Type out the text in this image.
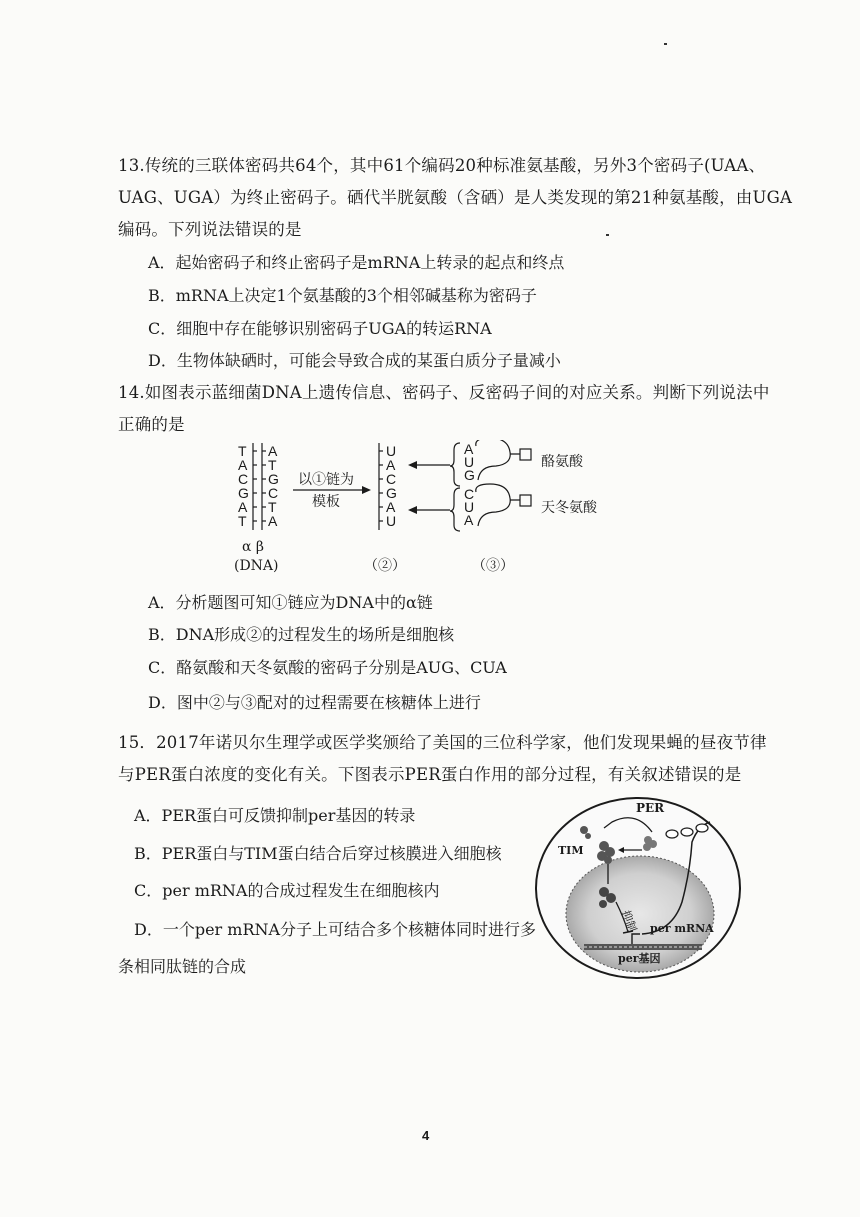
13.传统的三联体密码共64个，其中61个编码20种标准氨基酸，另外3个密码子(UAA、
UAG、UGA）为终止密码子。硒代半胱氨酸（含硒）是人类发现的第21种氨基酸，由UGA
编码。下列说法错误的是
A．起始密码子和终止密码子是mRNA上转录的起点和终点
B．mRNA上决定1个氨基酸的3个相邻碱基称为密码子
C．细胞中存在能够识别密码子UGA的转运RNA
D．生物体缺硒时，可能会导致合成的某蛋白质分子量减小
14.如图表示蓝细菌DNA上遗传信息、密码子、反密码子间的对应关系。判断下列说法中
正确的是
T
A
C
G
A
T
A
T
G
C
T
A
U
A
C
G
A
U
A
U
G
C
U
A
以①链为
模板
酪氨酸
天冬氨酸
α β
(DNA)	（②）	（③）
A．分析题图可知①链应为DNA中的α链
B．DNA形成②的过程发生的场所是细胞核
C．酪氨酸和天冬氨酸的密码子分别是AUG、CUA
D．图中②与③配对的过程需要在核糖体上进行
15．2017年诺贝尔生理学或医学奖颁给了美国的三位科学家，他们发现果蝇的昼夜节律
与PER蛋白浓度的变化有关。下图表示PER蛋白作用的部分过程，有关叙述错误的是
A．PER蛋白可反馈抑制per基因的转录
B．PER蛋白与TIM蛋白结合后穿过核膜进入细胞核
C．per mRNA的合成过程发生在细胞核内
D．一个per mRNA分子上可结合多个核糖体同时进行多
条相同肽链的合成
抑制
PER
TIM
per mRNA
per基因
4
